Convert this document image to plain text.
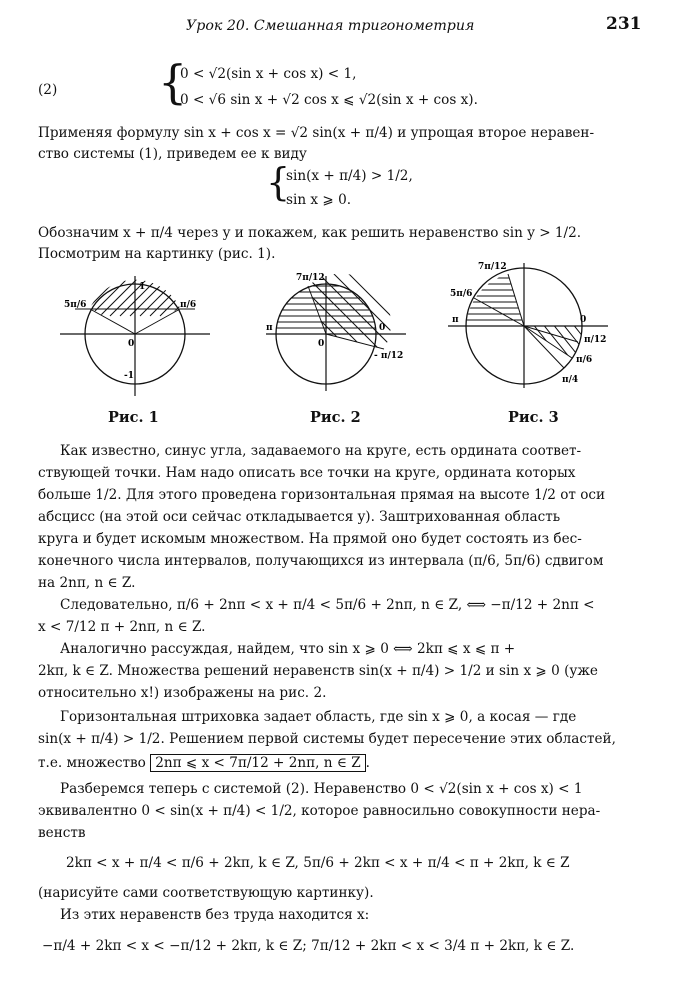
Урок 20. Смешанная тригонометрия	231
(2)	{
0 < √2(sin x + cos x) < 1,
0 < √6 sin x + √2 cos x ⩽ √2(sin x + cos x).
Применяя формулу sin x + cos x = √2 sin(x + π/4) и упрощая второе нерaвен-
ство системы (1), приведем ее к виду
{
sin(x + π/4) > 1/2,
sin x ⩾ 0.
Обозначим x + π/4 через y и покажем, как решить неравенство sin y > 1/2.
Посмотрим на картинку (рис. 1).
1
5π/6	π/6
0
-1
Рис. 1
7π/12
π
0
0
- π/12
Рис. 2
7π/12
5π/6
π	0
π/12
π/6
π/4
Рис. 3
Как известно, синус угла, задаваемого на круге, есть ордината соответ-
ствующей точки. Нам надо описать все точки на круге, ордината которых
больше 1/2. Для этого проведена горизонтальная прямая на высоте 1/2 от оси
абсцисс (на этой оси сейчас откладывается y). Заштрихованная область
круга и будет искомым множеством. На прямой оно будет состоять из бес-
конечного числа интервалов, получающихся из интервала (π/6, 5π/6) сдвигом
на 2nπ, n ∈ Z.
Следовательно, π/6 + 2nπ < x + π/4 < 5π/6 + 2nπ, n ∈ Z, ⟺ −π/12 + 2nπ <
x < 7/12 π + 2nπ, n ∈ Z.
Аналогично рассуждая, найдем, что sin x ⩾ 0 ⟺ 2kπ ⩽ x ⩽ π +
2kπ, k ∈ Z. Множества решений неравенств sin(x + π/4) > 1/2 и sin x ⩾ 0 (уже
относительно x!) изображены на рис. 2.
Горизонтальная штриховка задает область, где sin x ⩾ 0, а косая — где
sin(x + π/4) > 1/2. Решением первой системы будет пересечение этих областей,
т.е. множество 2nπ ⩽ x < 7π/12 + 2nπ, n ∈ Z .
Разберемся теперь с системой (2). Неравенство 0 < √2(sin x + cos x) < 1
эквивалентно 0 < sin(x + π/4) < 1/2, которое равносильно совокупности нера-
венств
2kπ < x + π/4 < π/6 + 2kπ, k ∈ Z, 5π/6 + 2kπ < x + π/4 < π + 2kπ, k ∈ Z
(нарисуйте сами соответствующую картинку).
Из этих неравенств без труда находится x:
−π/4 + 2kπ < x < −π/12 + 2kπ, k ∈ Z; 7π/12 + 2kπ < x < 3/4 π + 2kπ, k ∈ Z.
